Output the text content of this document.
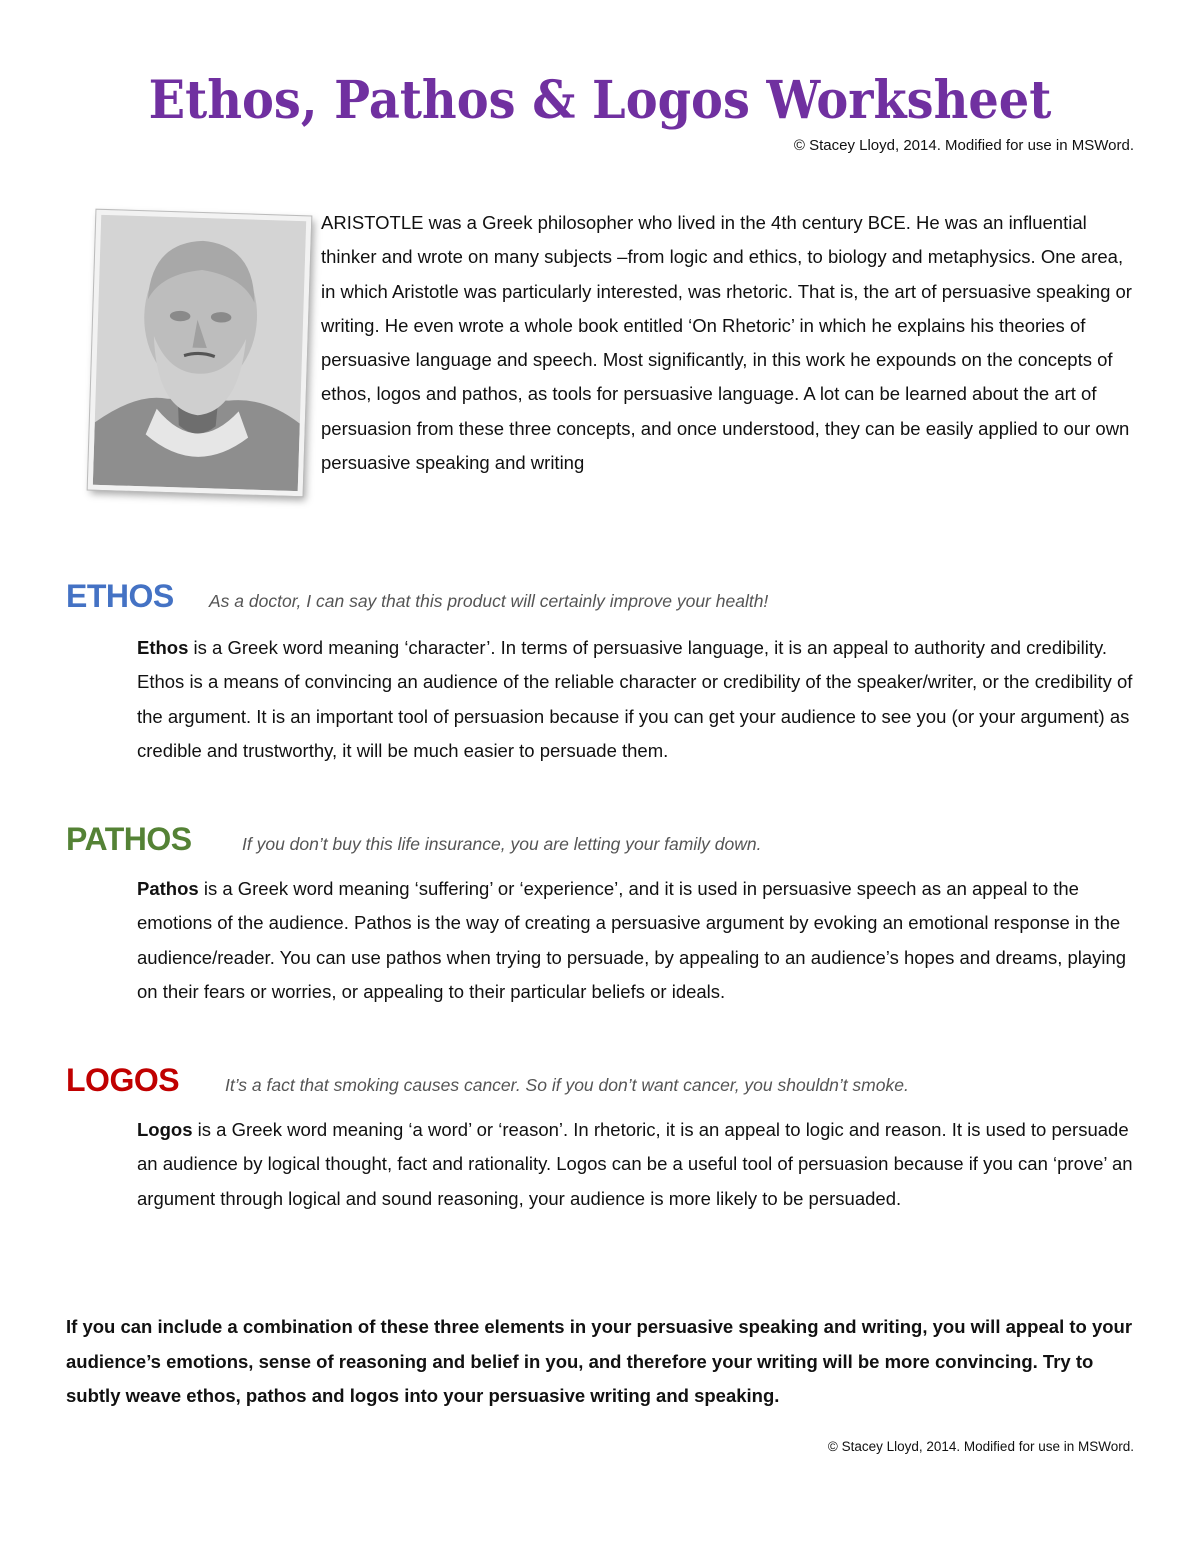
Ethos, Pathos & Logos Worksheet
© Stacey Lloyd, 2014. Modified for use in MSWord.

ARISTOTLE was a Greek philosopher who lived in the 4th century BCE. He was an influential thinker and wrote on many subjects –from logic and ethics, to biology and metaphysics. One area, in which Aristotle was particularly interested, was rhetoric. That is, the art of persuasive speaking or writing. He even wrote a whole book entitled ‘On Rhetoric’ in which he explains his theories of persuasive language and speech. Most significantly, in this work he expounds on the concepts of ethos, logos and pathos, as tools for persuasive language. A lot can be learned about the art of persuasion from these three concepts, and once understood, they can be easily applied to our own persuasive speaking and writing

ETHOS	As a doctor, I can say that this product will certainly improve your health!

Ethos is a Greek word meaning ‘character’. In terms of persuasive language, it is an appeal to authority and credibility. Ethos is a means of convincing an audience of the reliable character or credibility of the speaker/writer, or the credibility of the argument. It is an important tool of persuasion because if you can get your audience to see you (or your argument) as credible and trustworthy, it will be much easier to persuade them.

PATHOS	If you don’t buy this life insurance, you are letting your family down.

Pathos is a Greek word meaning ‘suffering’ or ‘experience’, and it is used in persuasive speech as an appeal to the emotions of the audience. Pathos is the way of creating a persuasive argument by evoking an emotional response in the audience/reader. You can use pathos when trying to persuade, by appealing to an audience’s hopes and dreams, playing on their fears or worries, or appealing to their particular beliefs or ideals.

LOGOS	It’s a fact that smoking causes cancer. So if you don’t want cancer, you shouldn’t smoke.

Logos is a Greek word meaning ‘a word’ or ‘reason’. In rhetoric, it is an appeal to logic and reason. It is used to persuade an audience by logical thought, fact and rationality. Logos can be a useful tool of persuasion because if you can ‘prove’ an argument through logical and sound reasoning, your audience is more likely to be persuaded.

If you can include a combination of these three elements in your persuasive speaking and writing, you will appeal to your audience’s emotions, sense of reasoning and belief in you, and therefore your writing will be more convincing. Try to subtly weave ethos, pathos and logos into your persuasive writing and speaking.

© Stacey Lloyd, 2014. Modified for use in MSWord.
